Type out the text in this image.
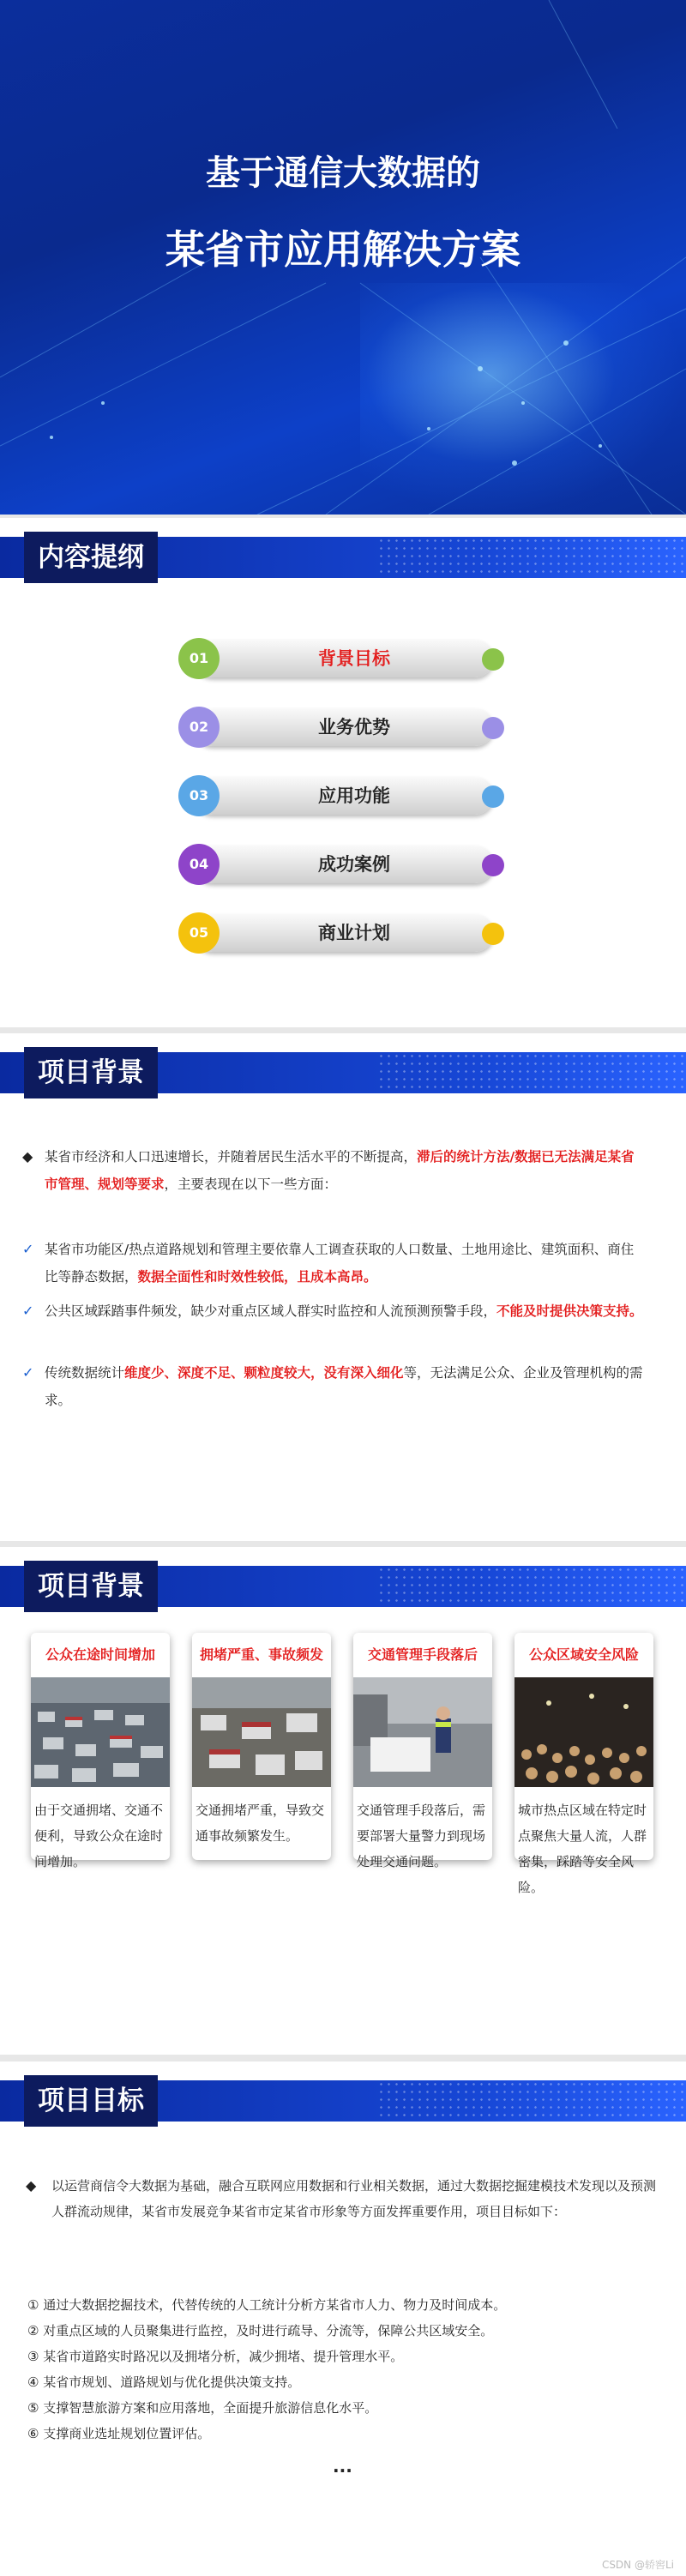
基于通信大数据的
某省市应用解决方案
内容提纲
01	背景目标
02	业务优势
03	应用功能
04	成功案例
05	商业计划
项目背景
◆ 某省市经济和人口迅速增长，并随着居民生活水平的不断提高，滞后的统计方法/数据已无法满足某省市管理、规划等要求，主要表现在以下一些方面：
✓ 某省市功能区/热点道路规划和管理主要依靠人工调查获取的人口数量、土地用途比、建筑面积、商住比等静态数据，数据全面性和时效性较低，且成本高昂。
✓ 公共区域踩踏事件频发，缺少对重点区域人群实时监控和人流预测预警手段，不能及时提供决策支持。
✓ 传统数据统计维度少、深度不足、颗粒度较大，没有深入细化等，无法满足公众、企业及管理机构的需求。
项目背景
公众在途时间增加
由于交通拥堵、交通不便利，导致公众在途时间增加。
拥堵严重、事故频发
交通拥堵严重，导致交通事故频繁发生。
交通管理手段落后
交通管理手段落后，需要部署大量警力到现场处理交通问题。
公众区域安全风险
城市热点区域在特定时点聚焦大量人流，人群密集，踩踏等安全风险。
项目目标
◆ 以运营商信令大数据为基础，融合互联网应用数据和行业相关数据，通过大数据挖掘建模技术发现以及预测人群流动规律，某省市发展竞争某省市定某省市形象等方面发挥重要作用，项目目标如下：
① 通过大数据挖掘技术，代替传统的人工统计分析方某省市人力、物力及时间成本。
② 对重点区域的人员聚集进行监控，及时进行疏导、分流等，保障公共区域安全。
③ 某省市道路实时路况以及拥堵分析，减少拥堵、提升管理水平。
④ 某省市规划、道路规划与优化提供决策支持。
⑤ 支撑智慧旅游方案和应用落地，全面提升旅游信息化水平。
⑥ 支撑商业选址规划位置评估。
...
CSDN @轿窖Li
